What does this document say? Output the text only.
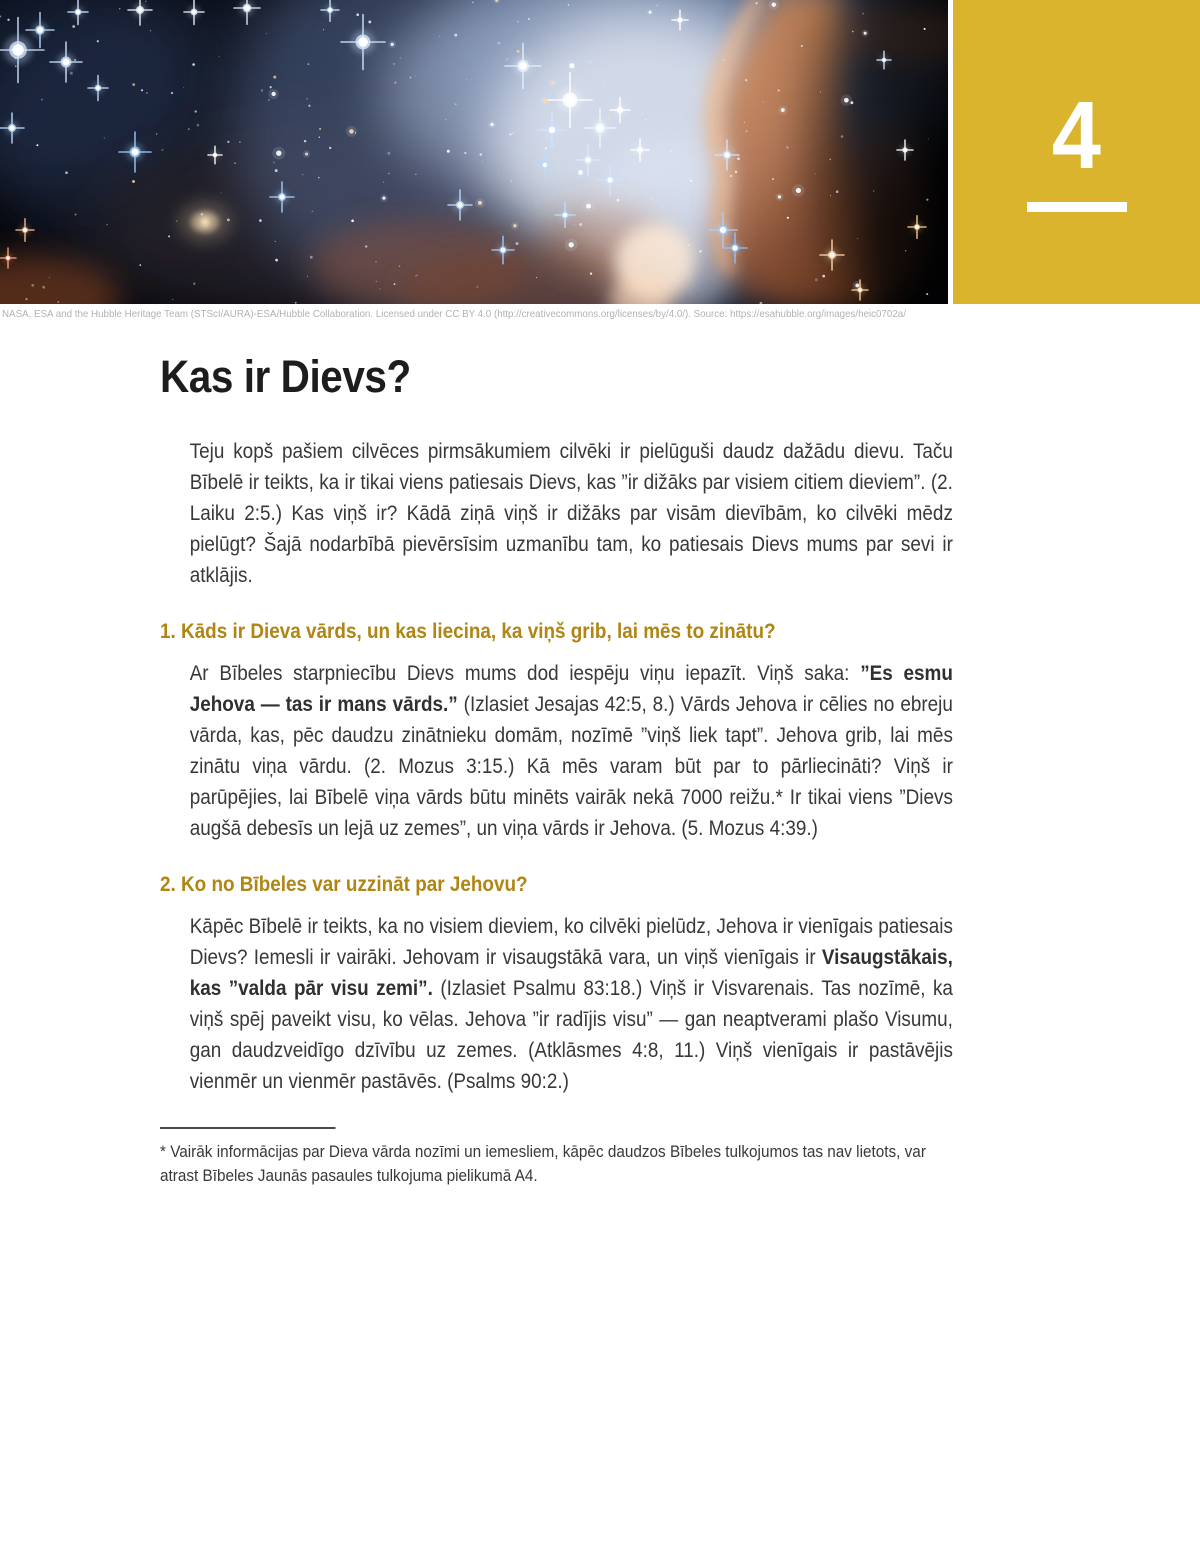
4
NASA, ESA and the Hubble Heritage Team (STScI/AURA)-ESA/Hubble Collaboration. Licensed under CC BY 4.0 (http://creativecommons.org/licenses/by/4.0/). Source: https://esahubble.org/images/heic0702a/
Kas ir Dievs?

Teju kopš pašiem cilvēces pirmsākumiem cilvēki ir pielūguši daudz dažādu dievu. Taču Bībelē ir teikts, ka ir tikai viens patiesais Dievs, kas ”ir dižāks par visiem citiem dieviem”. (2. Laiku 2:5.) Kas viņš ir? Kādā ziņā viņš ir dižāks par visām dievībām, ko cilvēki mēdz pielūgt? Šajā nodarbībā pievērsīsim uzmanību tam, ko patiesais Dievs mums par sevi ir atklājis.

1. Kāds ir Dieva vārds, un kas liecina, ka viņš grib, lai mēs to zinātu?

Ar Bībeles starpniecību Dievs mums dod iespēju viņu iepazīt. Viņš saka: ”Es esmu Jehova — tas ir mans vārds.” (Izlasiet Jesajas 42:5, 8.) Vārds Jehova ir cēlies no ebreju vārda, kas, pēc daudzu zinātnieku domām, nozīmē ”viņš liek tapt”. Jehova grib, lai mēs zinātu viņa vārdu. (2. Mozus 3:15.) Kā mēs varam būt par to pārliecināti? Viņš ir parūpējies, lai Bībelē viņa vārds būtu minēts vairāk nekā 7000 reižu.* Ir tikai viens ”Dievs augšā debesīs un lejā uz zemes”, un viņa vārds ir Jehova. (5. Mozus 4:39.)

2. Ko no Bībeles var uzzināt par Jehovu?

Kāpēc Bībelē ir teikts, ka no visiem dieviem, ko cilvēki pielūdz, Jehova ir vienīgais patiesais Dievs? Iemesli ir vairāki. Jehovam ir visaugstākā vara, un viņš vienīgais ir Visaugstākais, kas ”valda pār visu zemi”. (Izlasiet Psalmu 83:18.) Viņš ir Visvarenais. Tas nozīmē, ka viņš spēj paveikt visu, ko vēlas. Jehova ”ir radījis visu” — gan neaptverami plašo Visumu, gan daudzveidīgo dzīvību uz zemes. (Atklāsmes 4:8, 11.) Viņš vienīgais ir pastāvējis vienmēr un vienmēr pastāvēs. (Psalms 90:2.)

* Vairāk informācijas par Dieva vārda nozīmi un iemesliem, kāpēc daudzos Bībeles tulkojumos tas nav lietots, var atrast Bībeles Jaunās pasaules tulkojuma pielikumā A4.
